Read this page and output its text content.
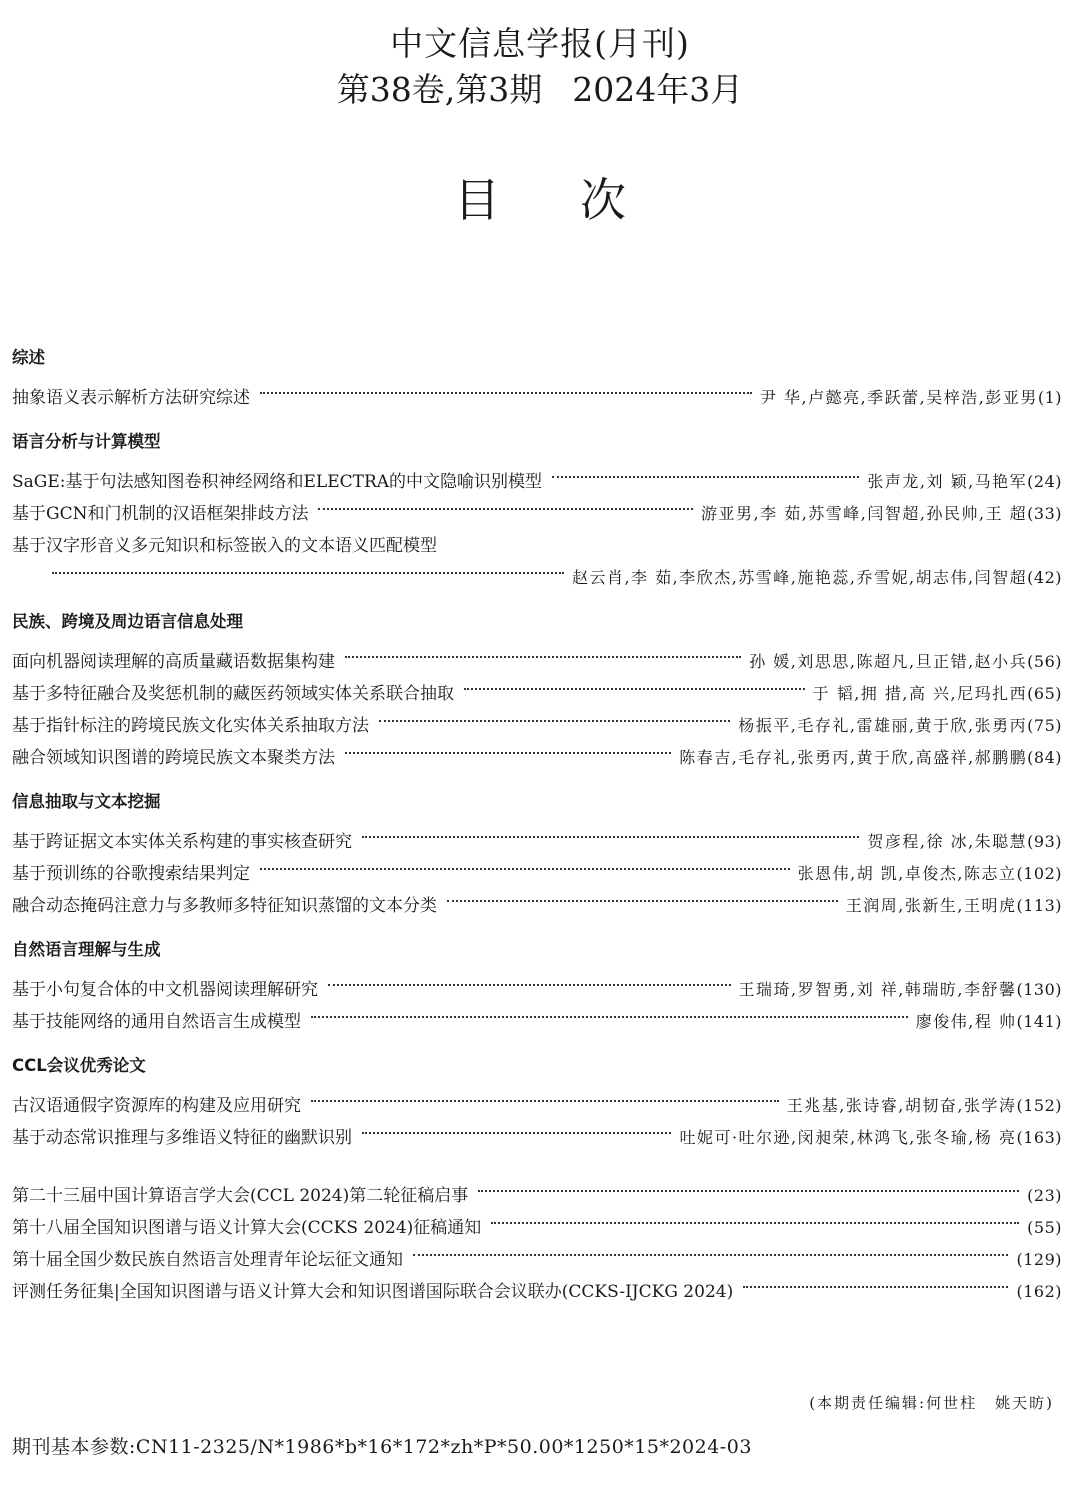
中文信息学报(月刊)
第38卷,第3期 2024年3月
目次
综述
抽象语义表示解析方法研究综述	尹 华,卢懿亮,季跃蕾,吴梓浩,彭亚男 (1)
语言分析与计算模型
SaGE:基于句法感知图卷积神经网络和ELECTRA的中文隐喻识别模型	张声龙,刘 颖,马艳军 (24)
基于GCN和门机制的汉语框架排歧方法	游亚男,李 茹,苏雪峰,闫智超,孙民帅,王 超 (33)
基于汉字形音义多元知识和标签嵌入的文本语义匹配模型
赵云肖,李 茹,李欣杰,苏雪峰,施艳蕊,乔雪妮,胡志伟,闫智超 (42)
民族、跨境及周边语言信息处理
面向机器阅读理解的高质量藏语数据集构建	孙 媛,刘思思,陈超凡,旦正错,赵小兵 (56)
基于多特征融合及奖惩机制的藏医药领域实体关系联合抽取	于 韬,拥 措,高 兴,尼玛扎西 (65)
基于指针标注的跨境民族文化实体关系抽取方法	杨振平,毛存礼,雷雄丽,黄于欣,张勇丙 (75)
融合领域知识图谱的跨境民族文本聚类方法	陈春吉,毛存礼,张勇丙,黄于欣,高盛祥,郝鹏鹏 (84)
信息抽取与文本挖掘
基于跨证据文本实体关系构建的事实核查研究	贺彦程,徐 冰,朱聪慧 (93)
基于预训练的谷歌搜索结果判定	张恩伟,胡 凯,卓俊杰,陈志立 (102)
融合动态掩码注意力与多教师多特征知识蒸馏的文本分类	王润周,张新生,王明虎 (113)
自然语言理解与生成
基于小句复合体的中文机器阅读理解研究	王瑞琦,罗智勇,刘 祥,韩瑞昉,李舒馨 (130)
基于技能网络的通用自然语言生成模型	廖俊伟,程 帅 (141)
CCL会议优秀论文
古汉语通假字资源库的构建及应用研究	王兆基,张诗睿,胡韧奋,张学涛 (152)
基于动态常识推理与多维语义特征的幽默识别	吐妮可·吐尔逊,闵昶荣,林鸿飞,张冬瑜,杨 亮 (163)
第二十三届中国计算语言学大会(CCL 2024)第二轮征稿启事	(23)
第十八届全国知识图谱与语义计算大会(CCKS 2024)征稿通知	(55)
第十届全国少数民族自然语言处理青年论坛征文通知	(129)
评测任务征集|全国知识图谱与语义计算大会和知识图谱国际联合会议联办(CCKS-IJCKG 2024)	(162)
(本期责任编辑:何世柱 姚天昉)
期刊基本参数:CN11-2325/N*1986*b*16*172*zh*P*50.00*1250*15*2024-03
